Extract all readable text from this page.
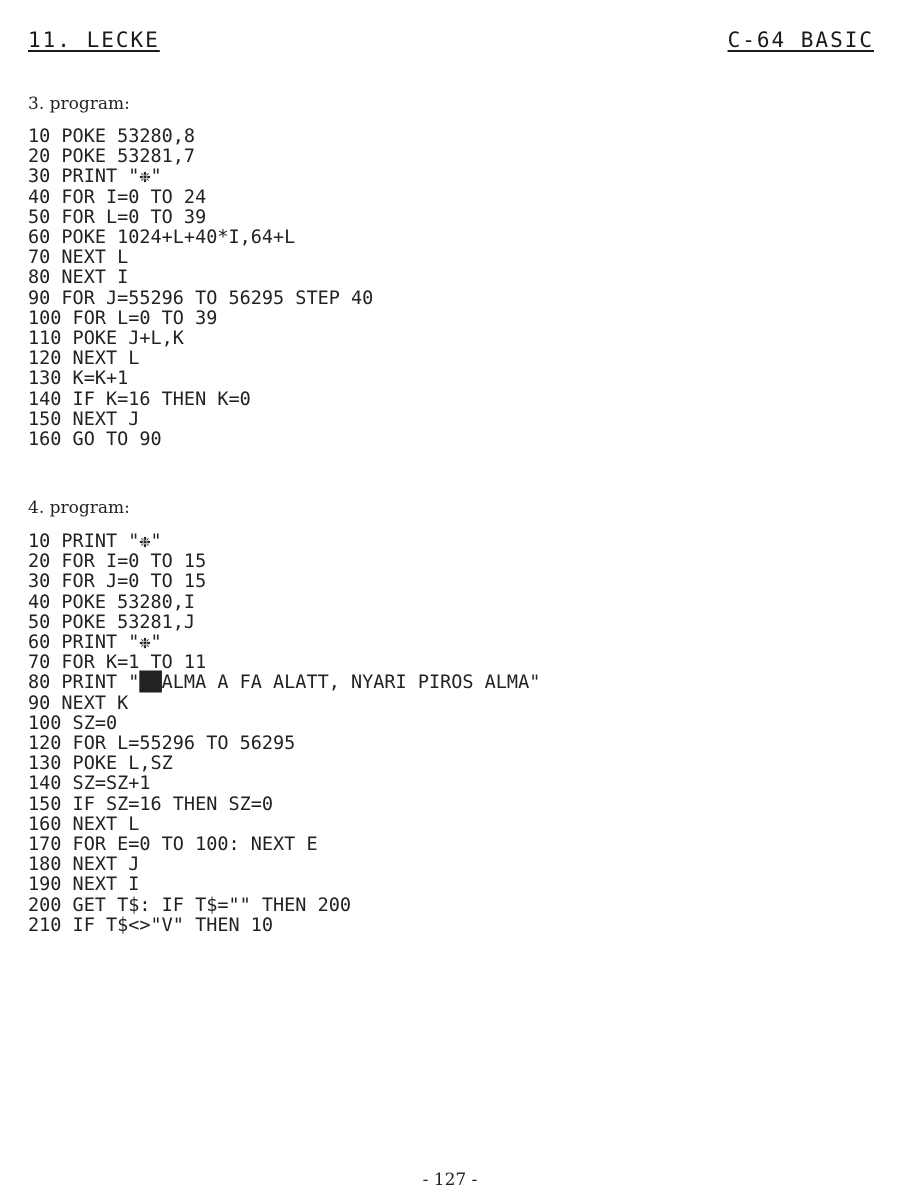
11. LECKE	C-64 BASIC
3. program:
10 POKE 53280,8
20 POKE 53281,7
30 PRINT "❉"
40 FOR I=0 TO 24
50 FOR L=0 TO 39
60 POKE 1024+L+40*I,64+L
70 NEXT L
80 NEXT I
90 FOR J=55296 TO 56295 STEP 40
100 FOR L=0 TO 39
110 POKE J+L,K
120 NEXT L
130 K=K+1
140 IF K=16 THEN K=0
150 NEXT J
160 GO TO 90
4. program:
10 PRINT "❉"
20 FOR I=0 TO 15
30 FOR J=0 TO 15
40 POKE 53280,I
50 POKE 53281,J
60 PRINT "❉"
70 FOR K=1 TO 11
80 PRINT "██ALMA A FA ALATT, NYARI PIROS ALMA"
90 NEXT K
100 SZ=0
120 FOR L=55296 TO 56295
130 POKE L,SZ
140 SZ=SZ+1
150 IF SZ=16 THEN SZ=0
160 NEXT L
170 FOR E=0 TO 100: NEXT E
180 NEXT J
190 NEXT I
200 GET T$: IF T$="" THEN 200
210 IF T$<>"V" THEN 10
- 127 -
